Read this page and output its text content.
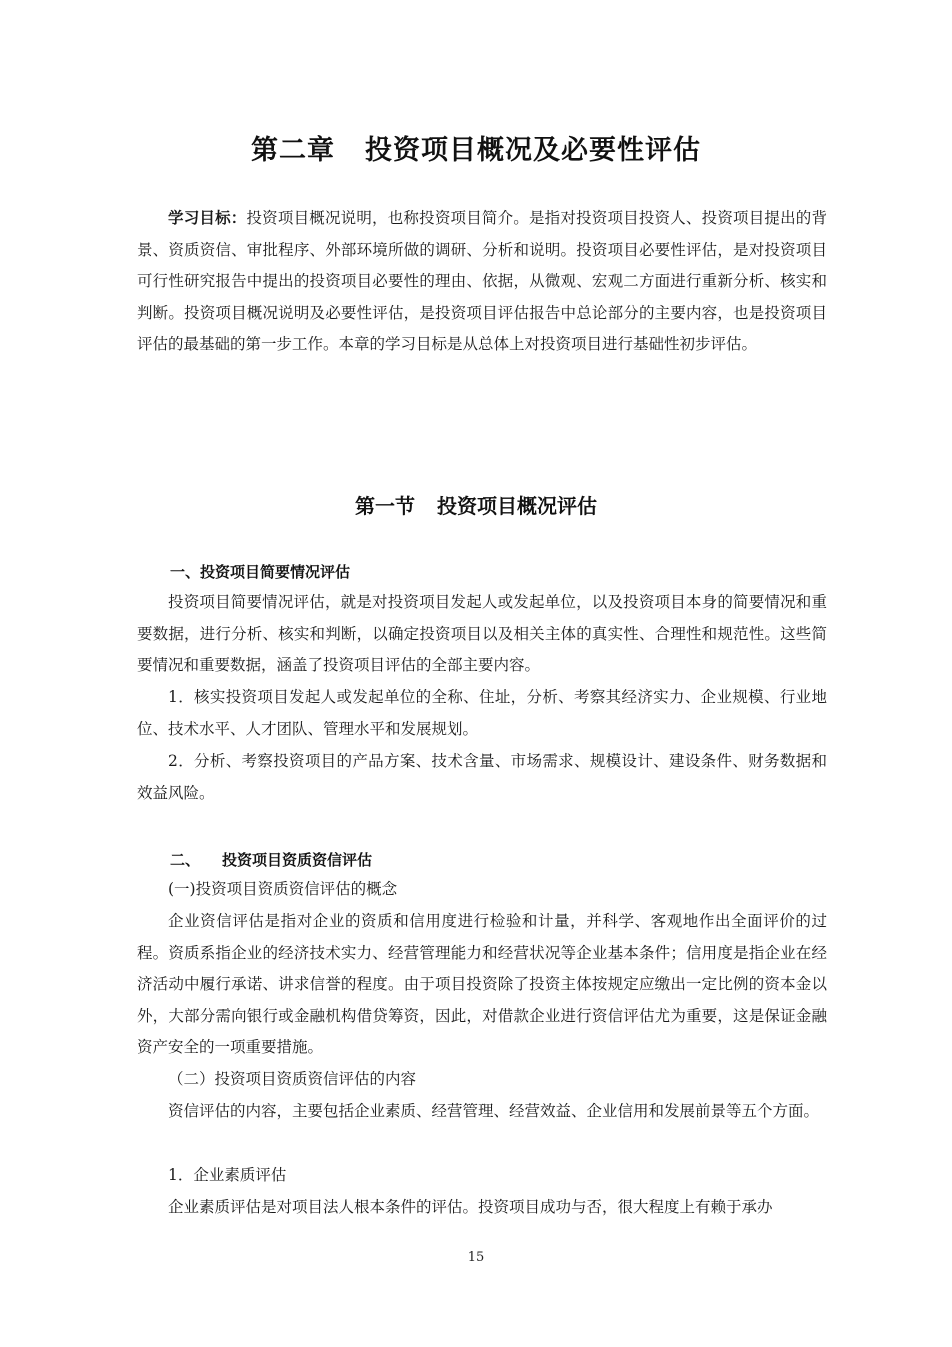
第二章 投资项目概况及必要性评估

学习目标：投资项目概况说明，也称投资项目简介。是指对投资项目投资人、投资项目提出的背景、资质资信、审批程序、外部环境所做的调研、分析和说明。投资项目必要性评估，是对投资项目可行性研究报告中提出的投资项目必要性的理由、依据，从微观、宏观二方面进行重新分析、核实和判断。投资项目概况说明及必要性评估，是投资项目评估报告中总论部分的主要内容，也是投资项目评估的最基础的第一步工作。本章的学习目标是从总体上对投资项目进行基础性初步评估。

第一节 投资项目概况评估
一、投资项目简要情况评估

投资项目简要情况评估，就是对投资项目发起人或发起单位，以及投资项目本身的简要情况和重要数据，进行分析、核实和判断，以确定投资项目以及相关主体的真实性、合理性和规范性。这些简要情况和重要数据，涵盖了投资项目评估的全部主要内容。

1．核实投资项目发起人或发起单位的全称、住址，分析、考察其经济实力、企业规模、行业地位、技术水平、人才团队、管理水平和发展规划。

2．分析、考察投资项目的产品方案、技术含量、市场需求、规模设计、建设条件、财务数据和效益风险。

二、 投资项目资质资信评估

(一)投资项目资质资信评估的概念

企业资信评估是指对企业的资质和信用度进行检验和计量，并科学、客观地作出全面评价的过程。资质系指企业的经济技术实力、经营管理能力和经营状况等企业基本条件；信用度是指企业在经济活动中履行承诺、讲求信誉的程度。由于项目投资除了投资主体按规定应缴出一定比例的资本金以外，大部分需向银行或金融机构借贷筹资，因此，对借款企业进行资信评估尤为重要，这是保证金融资产安全的一项重要措施。

（二）投资项目资质资信评估的内容

资信评估的内容，主要包括企业素质、经营管理、经营效益、企业信用和发展前景等五个方面。

1．企业素质评估

企业素质评估是对项目法人根本条件的评估。投资项目成功与否，很大程度上有赖于承办

15
